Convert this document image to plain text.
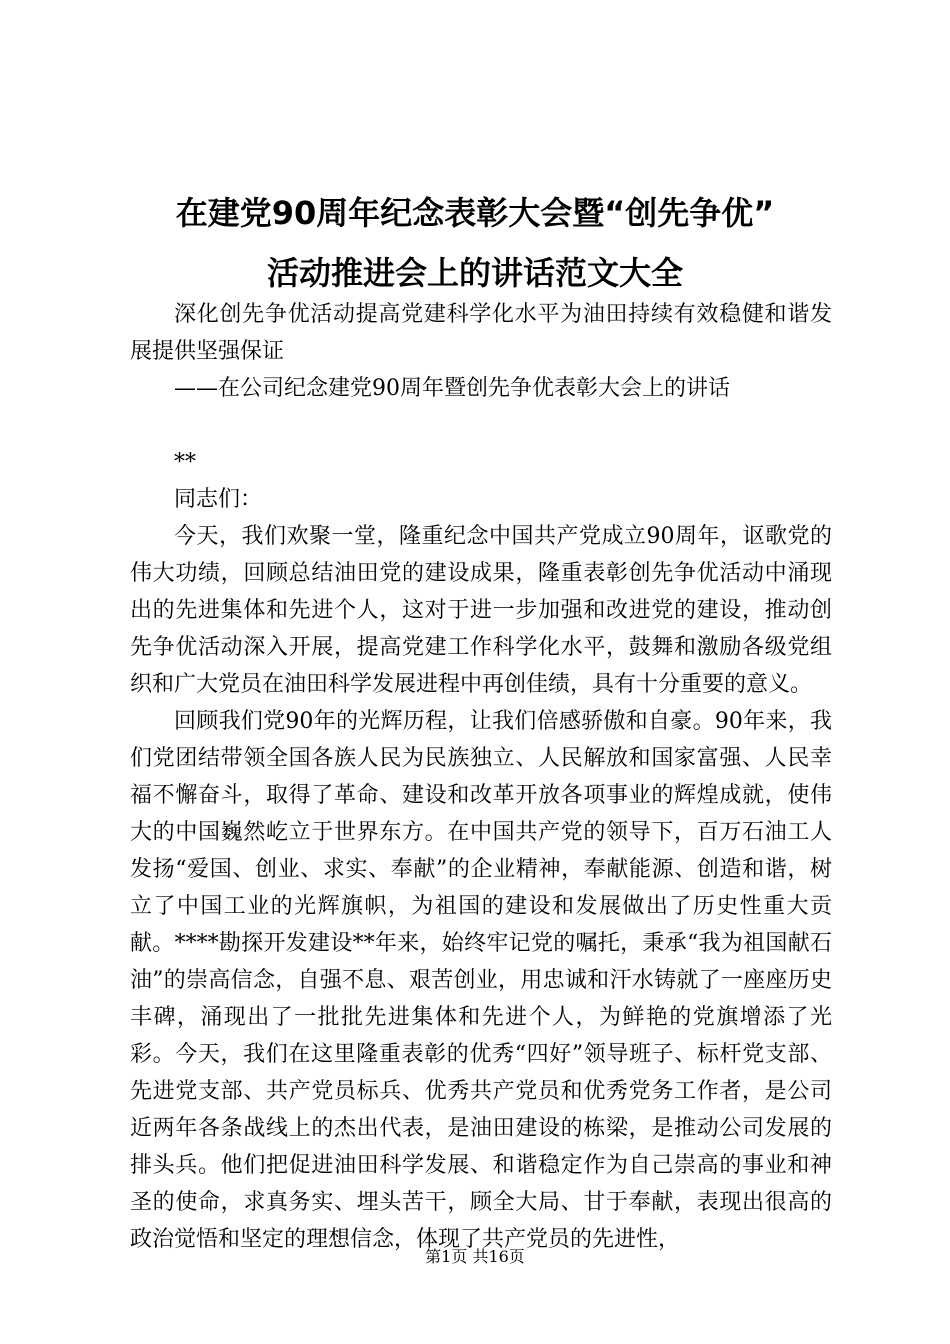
在建党90周年纪念表彰大会暨“创先争优”
活动推进会上的讲话范文大全

深化创先争优活动提高党建科学化水平为油田持续有效稳健和谐发展提供坚强保证

——在公司纪念建党90周年暨创先争优表彰大会上的讲话

**

同志们：

今天，我们欢聚一堂，隆重纪念中国共产党成立90周年，讴歌党的伟大功绩，回顾总结油田党的建设成果，隆重表彰创先争优活动中涌现出的先进集体和先进个人，这对于进一步加强和改进党的建设，推动创先争优活动深入开展，提高党建工作科学化水平，鼓舞和激励各级党组织和广大党员在油田科学发展进程中再创佳绩，具有十分重要的意义。

回顾我们党90年的光辉历程，让我们倍感骄傲和自豪。90年来，我们党团结带领全国各族人民为民族独立、人民解放和国家富强、人民幸福不懈奋斗，取得了革命、建设和改革开放各项事业的辉煌成就，使伟大的中国巍然屹立于世界东方。在中国共产党的领导下，百万石油工人发扬“爱国、创业、求实、奉献”的企业精神，奉献能源、创造和谐，树立了中国工业的光辉旗帜，为祖国的建设和发展做出了历史性重大贡献。****勘探开发建设**年来，始终牢记党的嘱托，秉承“我为祖国献石油”的崇高信念，自强不息、艰苦创业，用忠诚和汗水铸就了一座座历史丰碑，涌现出了一批批先进集体和先进个人，为鲜艳的党旗增添了光彩。今天，我们在这里隆重表彰的优秀“四好”领导班子、标杆党支部、先进党支部、共产党员标兵、优秀共产党员和优秀党务工作者，是公司近两年各条战线上的杰出代表，是油田建设的栋梁，是推动公司发展的排头兵。他们把促进油田科学发展、和谐稳定作为自己崇高的事业和神圣的使命，求真务实、埋头苦干，顾全大局、甘于奉献，表现出很高的政治觉悟和坚定的理想信念，体现了共产党员的先进性，

第1页 共16页
